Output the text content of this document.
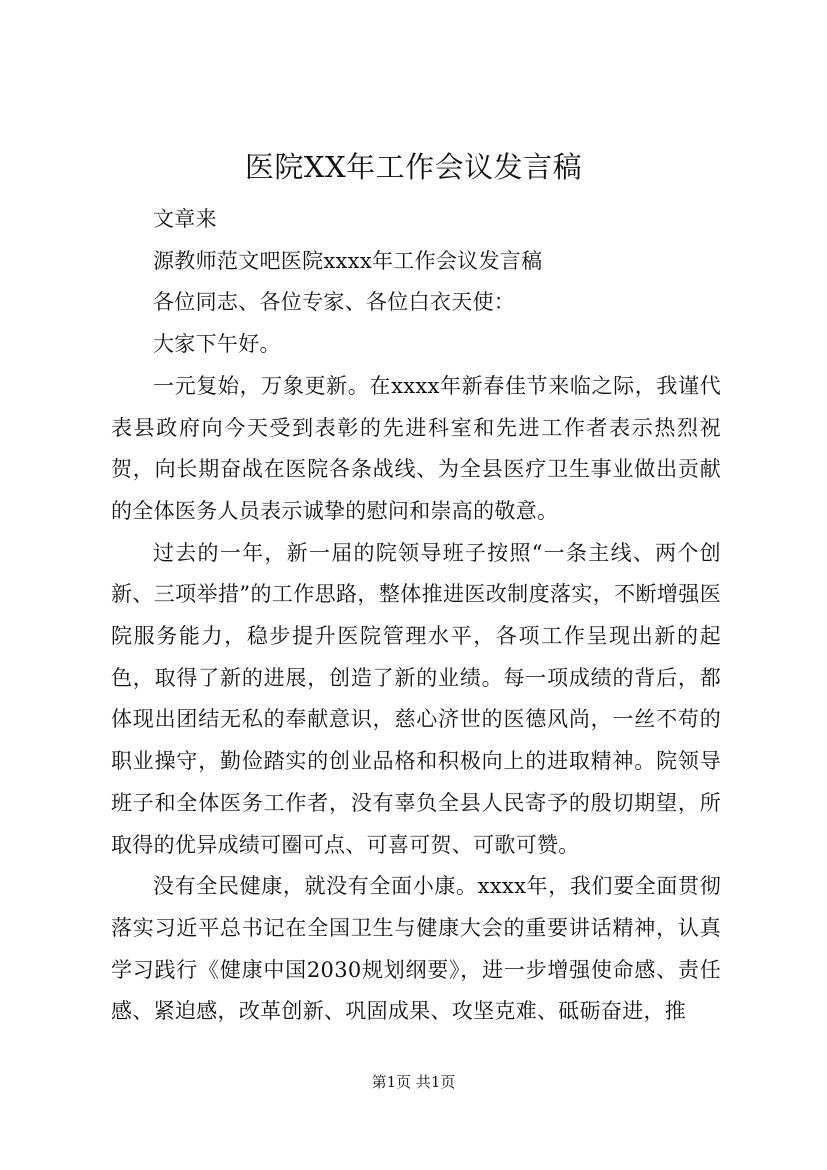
医院XX年工作会议发言稿

文章来

源教师范文吧医院xxxx年工作会议发言稿

各位同志、各位专家、各位白衣天使：

大家下午好。

一元复始，万象更新。在xxxx年新春佳节来临之际，我谨代表县政府向今天受到表彰的先进科室和先进工作者表示热烈祝贺，向长期奋战在医院各条战线、为全县医疗卫生事业做出贡献的全体医务人员表示诚挚的慰问和崇高的敬意。

过去的一年，新一届的院领导班子按照“一条主线、两个创新、三项举措”的工作思路，整体推进医改制度落实，不断增强医院服务能力，稳步提升医院管理水平，各项工作呈现出新的起色，取得了新的进展，创造了新的业绩。每一项成绩的背后，都体现出团结无私的奉献意识，慈心济世的医德风尚，一丝不苟的职业操守，勤俭踏实的创业品格和积极向上的进取精神。院领导班子和全体医务工作者，没有辜负全县人民寄予的殷切期望，所取得的优异成绩可圈可点、可喜可贺、可歌可赞。

没有全民健康，就没有全面小康。xxxx年，我们要全面贯彻落实习近平总书记在全国卫生与健康大会的重要讲话精神，认真学习践行《健康中国2030规划纲要》，进一步增强使命感、责任感、紧迫感，改革创新、巩固成果、攻坚克难、砥砺奋进，推

第1页 共1页
